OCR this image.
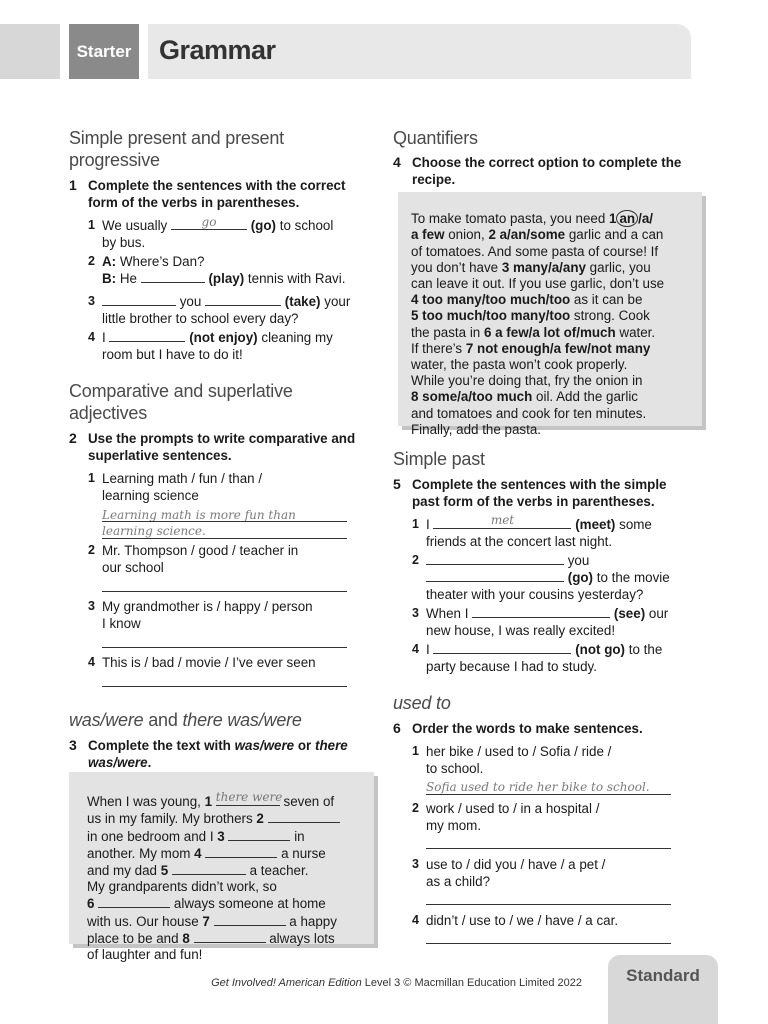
Starter Grammar
Simple present and present
progressive
1 Complete the sentences with the correct
form of the verbs in parentheses.
1 We usually	go	(go) to school
by bus.
2 A: Where’s Dan?
B: He	(play) tennis with Ravi.
3	you	(take) your
little brother to school every day?
4 I	(not enjoy) cleaning my
room but I have to do it!
Comparative and superlative
adjectives
2 Use the prompts to write comparative and
superlative sentences.
1 Learning math / fun / than /
learning science
Learning math is more fun than
learning science.
2 Mr. Thompson / good / teacher in
our school
3 My grandmother is / happy / person
I know
4 This is / bad / movie / I’ve ever seen
was/were and there was/were
3 Complete the text with was/were or there
was/were.

When I was young, 1 there were
seven of
us in my family. My brothers 2
in one bedroom and I 3	in
another. My mom 4	a nurse
and my dad 5	a teacher.
My grandparents didn’t work, so
6	always someone at home
with us. Our house 7	a happy
place to be and 8	always lots
of laughter and fun!
Quantifiers
4 Choose the correct option to complete the
recipe.

To make tomato pasta, you need 1 an /a/
a few onion, 2 a/an/some garlic and a can
of tomatoes. And some pasta of course! If
you don’t have 3 many/a/any garlic, you
can leave it out. If you use garlic, don’t use
4 too many/too much/too as it can be
5 too much/too many/too strong. Cook
the pasta in 6 a few/a lot of/much water.
If there’s 7 not enough/a few/not many
water, the pasta won’t cook properly.
While you’re doing that, fry the onion in
8 some/a/too much oil. Add the garlic
and tomatoes and cook for ten minutes.
Finally, add the pasta.
Simple past
5 Complete the sentences with the simple
past form of the verbs in parentheses.
1 I	met	(meet) some
friends at the concert last night.
2	you
(go) to the movie
theater with your cousins yesterday?
3 When I	(see) our
new house, I was really excited!
4 I	(not go) to the
party because I had to study.
used to
6 Order the words to make sentences.
1 her bike / used to / Sofia / ride /
to school.
Sofia used to ride her bike to school.
2 work / used to / in a hospital /
my mom.
3 use to / did you / have / a pet /
as a child?
4 didn’t / use to / we / have / a car.
Get Involved! American Edition Level 3 © Macmillan Education Limited 2022	Standard
